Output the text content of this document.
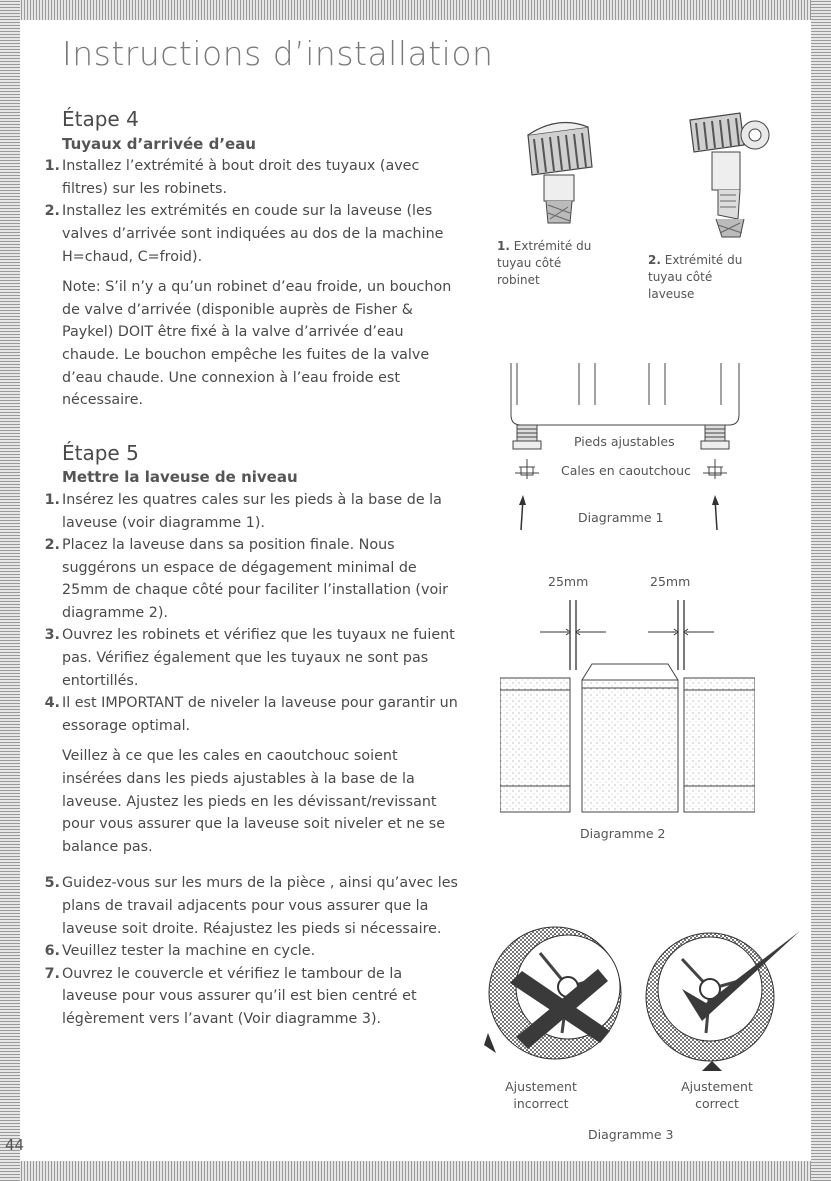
Instructions d’installation
Étape 4
Tuyaux d’arrivée d’eau
1. Installez l’extrémité à bout droit des tuyaux (avec filtres) sur les robinets.
2. Installez les extrémités en coude sur la laveuse (les valves d’arrivée sont indiquées au dos de la machine H=chaud, C=froid).

Note: S’il n’y a qu’un robinet d’eau froide, un bouchon de valve d’arrivée (disponible auprès de Fisher & Paykel) DOIT être fixé à la valve d’arrivée d’eau chaude. Le bouchon empêche les fuites de la valve d’eau chaude. Une connexion à l’eau froide est nécessaire.

Étape 5
Mettre la laveuse de niveau
1. Insérez les quatres cales sur les pieds à la base de la laveuse (voir diagramme 1).
2. Placez la laveuse dans sa position finale. Nous suggérons un espace de dégagement minimal de 25mm de chaque côté pour faciliter l’installation (voir diagramme 2).
3. Ouvrez les robinets et vérifiez que les tuyaux ne fuient pas. Vérifiez également que les tuyaux ne sont pas entortillés.
4. Il est IMPORTANT de niveler la laveuse pour garantir un essorage optimal.

Veillez à ce que les cales en caoutchouc soient insérées dans les pieds ajustables à la base de la laveuse. Ajustez les pieds en les dévissant/revissant pour vous assurer que la laveuse soit niveler et ne se balance pas.

5. Guidez-vous sur les murs de la pièce , ainsi qu’avec les plans de travail adjacents pour vous assurer que la laveuse soit droite. Réajustez les pieds si nécessaire.
6. Veuillez tester la machine en cycle.
7. Ouvrez le couvercle et vérifiez le tambour de la laveuse pour vous assurer qu’il est bien centré et légèrement vers l’avant (Voir diagramme 3).
1. Extrémité du tuyau côté robinet
2. Extrémité du tuyau côté laveuse
Pieds ajustables
Cales en caoutchouc
Diagramme 1
25mm	25mm
Diagramme 2
Ajustement incorrect
Ajustement correct
Diagramme 3
44
